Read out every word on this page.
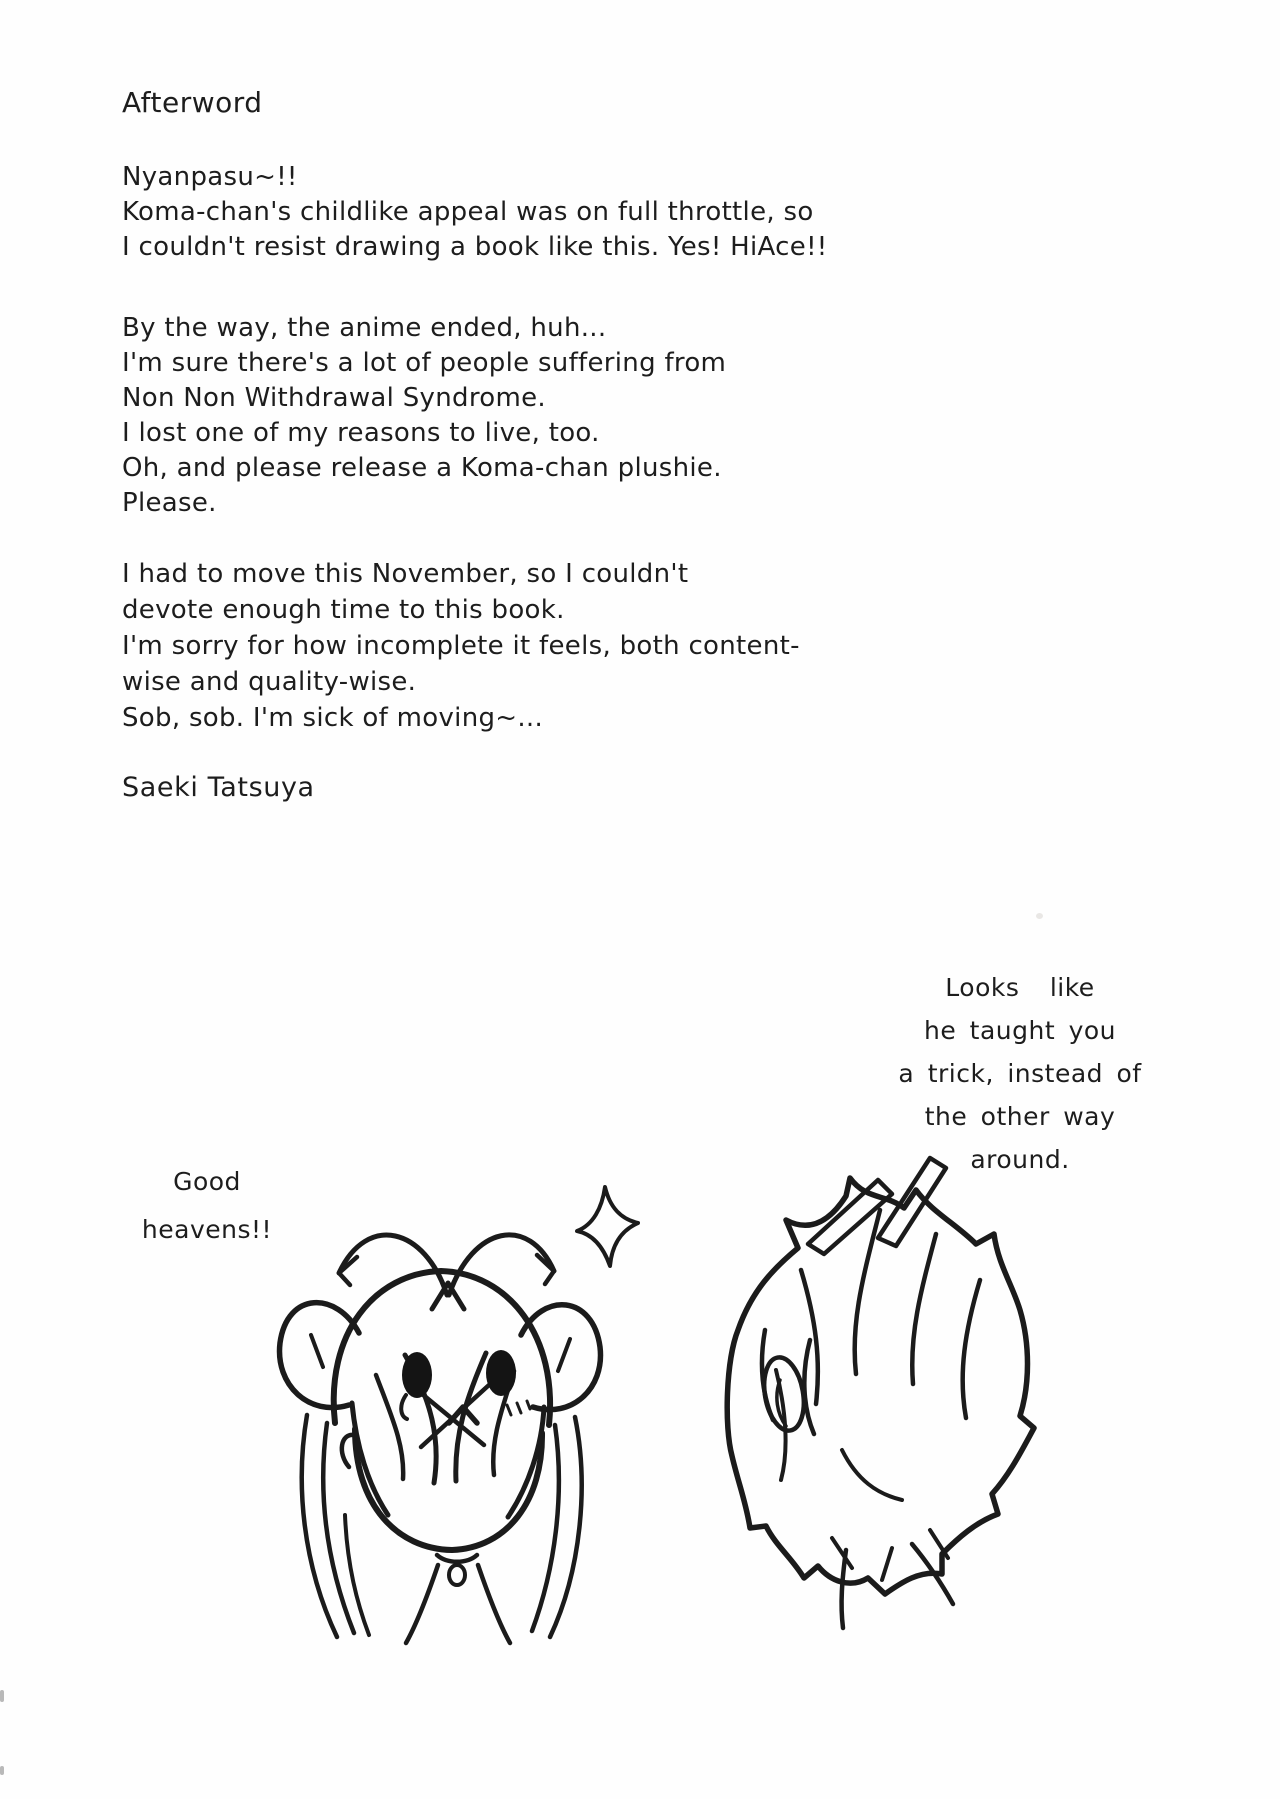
Afterword
Nyanpasu~!!
Koma-chan's childlike appeal was on full throttle, so
I couldn't resist drawing a book like this. Yes! HiAce!!
By the way, the anime ended, huh...
I'm sure there's a lot of people suffering from
Non Non Withdrawal Syndrome.
I lost one of my reasons to live, too.
Oh, and please release a Koma-chan plushie.
Please.
I had to move this November, so I couldn't
devote enough time to this book.
I'm sorry for how incomplete it feels, both content-
wise and quality-wise.
Sob, sob. I'm sick of moving~...
Saeki Tatsuya
Looks like
he taught you
a trick, instead of
the other way
around.
Good
heavens!!
